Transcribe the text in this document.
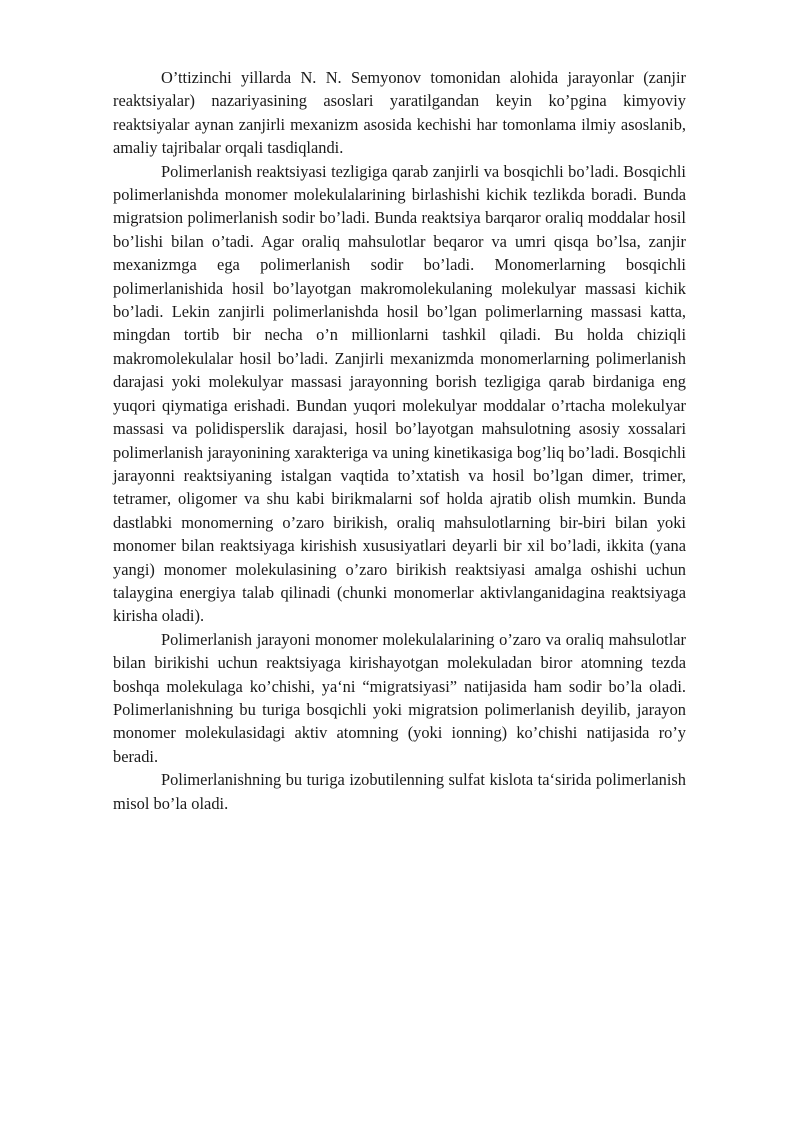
O’ttizinchi yillarda N. N. Semyonov tomonidan alohida jarayonlar (zanjir reaktsiyalar) nazariyasining asoslari yaratilgandan keyin ko’pgina kimyoviy reaktsiyalar aynan zanjirli mexanizm asosida kechishi har tomonlama ilmiy asoslanib, amaliy tajribalar orqali tasdiqlandi.

Polimerlanish reaktsiyasi tezligiga qarab zanjirli va bosqichli bo’ladi. Bosqichli polimerlanishda monomer molekulalarining birlashishi kichik tezlikda boradi. Bunda migratsion polimerlanish sodir bo’ladi. Bunda reaktsiya barqaror oraliq moddalar hosil bo’lishi bilan o’tadi. Agar oraliq mahsulotlar beqaror va umri qisqa bo’lsa, zanjir mexanizmga ega polimerlanish sodir bo’ladi. Monomerlarning bosqichli polimerlanishida hosil bo’layotgan makromolekulaning molekulyar massasi kichik bo’ladi. Lekin zanjirli polimerlanishda hosil bo’lgan polimerlarning massasi katta, mingdan tortib bir necha o’n millionlarni tashkil qiladi. Bu holda chiziqli makromolekulalar hosil bo’ladi. Zanjirli mexanizmda monomerlarning polimerlanish darajasi yoki molekulyar massasi jarayonning borish tezligiga qarab birdaniga eng yuqori qiymatiga erishadi. Bundan yuqori molekulyar moddalar o’rtacha molekulyar massasi va polidisperslik darajasi, hosil bo’layotgan mahsulotning asosiy xossalari polimerlanish jarayonining xarakteriga va uning kinetikasiga bog’liq bo’ladi. Bosqichli jarayonni reaktsiyaning istalgan vaqtida to’xtatish va hosil bo’lgan dimer, trimer, tetramer, oligomer va shu kabi birikmalarni sof holda ajratib olish mumkin. Bunda dastlabki monomerning o’zaro birikish, oraliq mahsulotlarning bir-biri bilan yoki monomer bilan reaktsiyaga kirishish xususiyatlari deyarli bir xil bo’ladi, ikkita (yana yangi) monomer molekulasining o’zaro birikish reaktsiyasi amalga oshishi uchun talaygina energiya talab qilinadi (chunki monomerlar aktivlanganidagina reaktsiyaga kirisha oladi).

Polimerlanish jarayoni monomer molekulalarining o’zaro va oraliq mahsulotlar bilan birikishi uchun reaktsiyaga kirishayotgan molekuladan biror atomning tezda boshqa molekulaga ko’chishi, ya‘ni “migratsiyasi” natijasida ham sodir bo’la oladi. Polimerlanishning bu turiga bosqichli yoki migratsion polimerlanish deyilib, jarayon monomer molekulasidagi aktiv atomning (yoki ionning) ko’chishi natijasida ro’y beradi.

Polimerlanishning bu turiga izobutilenning sulfat kislota ta‘sirida polimerlanish misol bo’la oladi.
